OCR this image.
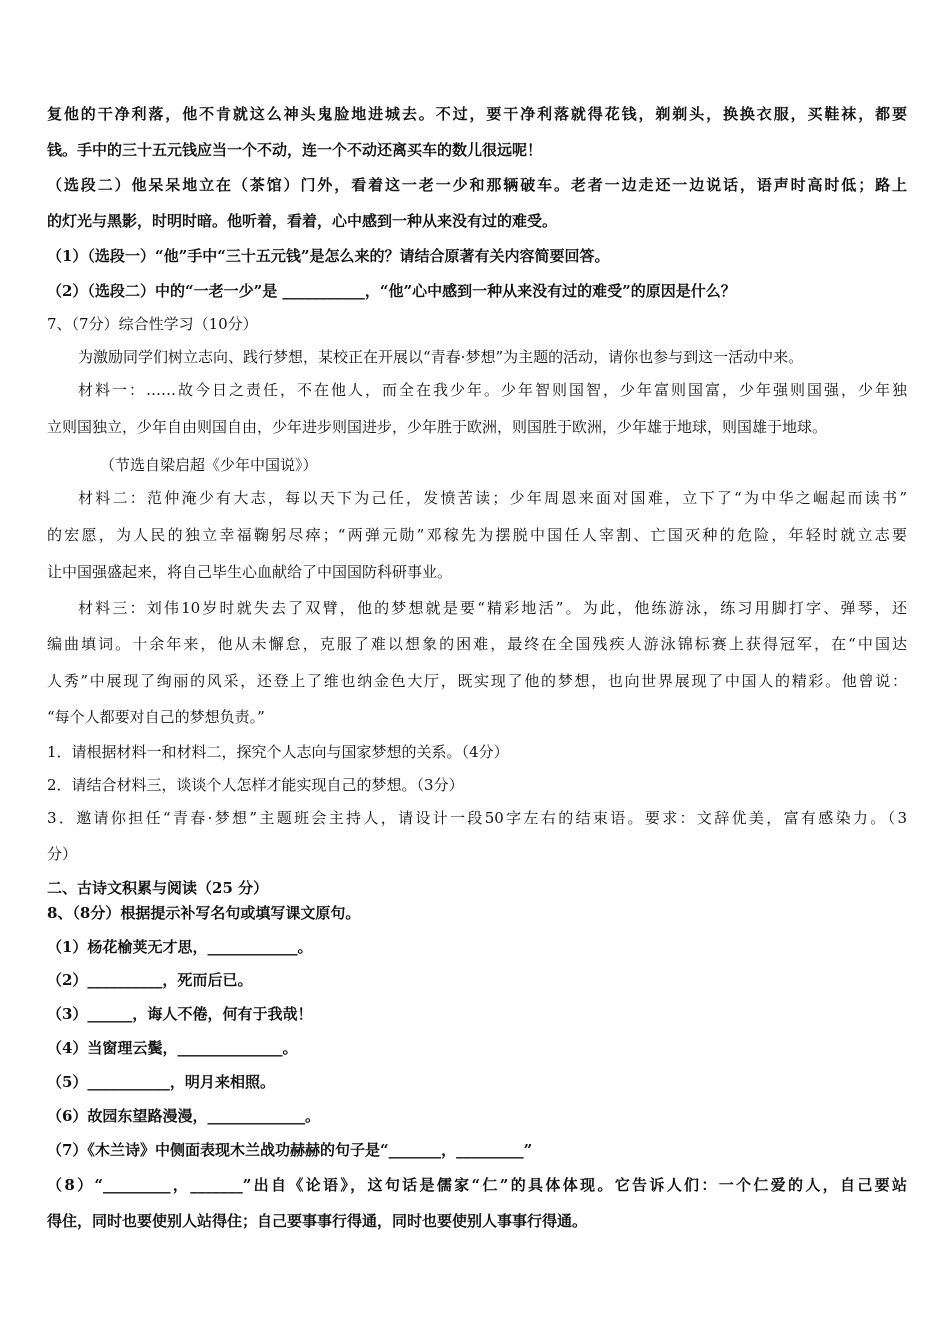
复他的干净利落，他不肯就这么神头鬼脸地进城去。不过，要干净利落就得花钱，剃剃头，换换衣服，买鞋袜，都要
钱。手中的三十五元钱应当一个不动，连一个不动还离买车的数儿很远呢！
（选段二）他呆呆地立在（茶馆）门外，看着这一老一少和那辆破车。老者一边走还一边说话，语声时高时低；路上
的灯光与黑影，时明时暗。他听着，看着，心中感到一种从来没有过的难受。
（1）（选段一）“他”手中“三十五元钱”是怎么来的？请结合原著有关内容简要回答。
（2）（选段二）中的“一老一少”是 ___________，“他”心中感到一种从来没有过的难受”的原因是什么？
7、（7分）综合性学习（10分）
为激励同学们树立志向、践行梦想，某校正在开展以“青春·梦想”为主题的活动，请你也参与到这一活动中来。
材料一：……故今日之责任，不在他人，而全在我少年。少年智则国智，少年富则国富，少年强则国强，少年独
立则国独立，少年自由则国自由，少年进步则国进步，少年胜于欧洲，则国胜于欧洲，少年雄于地球，则国雄于地球。
（节选自梁启超《少年中国说》）
材料二：范仲淹少有大志，每以天下为己任，发愤苦读；少年周恩来面对国难，立下了“为中华之崛起而读书”
的宏愿，为人民的独立幸福鞠躬尽瘁；“两弹元勋”邓稼先为摆脱中国任人宰割、亡国灭种的危险，年轻时就立志要
让中国强盛起来，将自己毕生心血献给了中国国防科研事业。
材料三：刘伟10岁时就失去了双臂，他的梦想就是要“精彩地活”。为此，他练游泳，练习用脚打字、弹琴，还
编曲填词。十余年来，他从未懈怠，克服了难以想象的困难，最终在全国残疾人游泳锦标赛上获得冠军，在“中国达
人秀”中展现了绚丽的风采，还登上了维也纳金色大厅，既实现了他的梦想，也向世界展现了中国人的精彩。他曾说：
“每个人都要对自己的梦想负责。”
1．请根据材料一和材料二，探究个人志向与国家梦想的关系。（4分）
2．请结合材料三，谈谈个人怎样才能实现自己的梦想。（3分）
3．邀请你担任“青春·梦想”主题班会主持人，请设计一段50字左右的结束语。要求：文辞优美，富有感染力。（3
分）
二、古诗文积累与阅读（25 分）
8、（8分）根据提示补写名句或填写课文原句。
（1）杨花榆荚无才思，____________。
（2）__________，死而后已。
（3）______，诲人不倦，何有于我哉！
（4）当窗理云鬓，______________。
（5）___________，明月来相照。
（6）故园东望路漫漫，_____________。
（7）《木兰诗》中侧面表现木兰战功赫赫的句子是“_______，_________”
（8）“_________，_______”出自《论语》，这句话是儒家“仁”的具体体现。它告诉人们：一个仁爱的人，自己要站
得住，同时也要使别人站得住；自己要事事行得通，同时也要使别人事事行得通。
